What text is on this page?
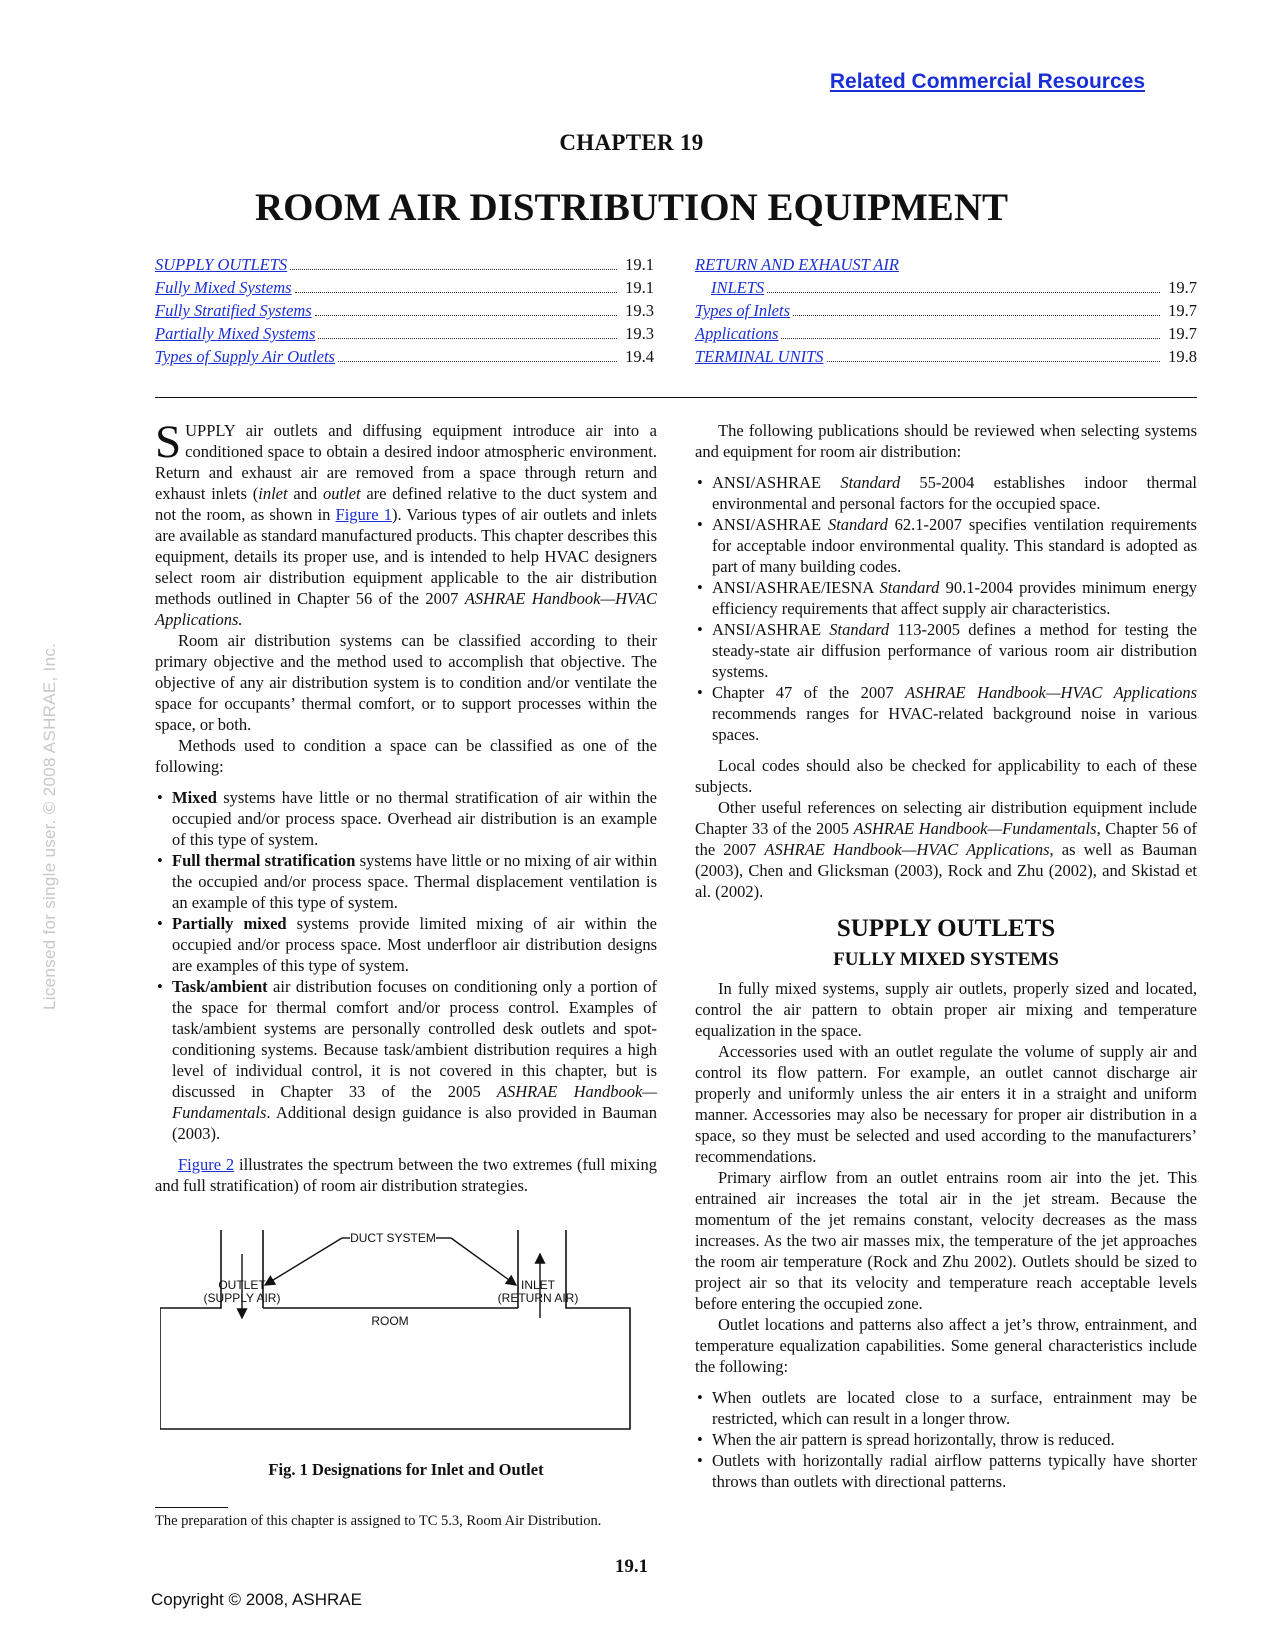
Related Commercial Resources
CHAPTER 19
ROOM AIR DISTRIBUTION EQUIPMENT
SUPPLY OUTLETS	19.1
Fully Mixed Systems	19.1
Fully Stratified Systems	19.3
Partially Mixed Systems	19.3
Types of Supply Air Outlets	19.4
RETURN AND EXHAUST AIR
INLETS	19.7
Types of Inlets	19.7
Applications	19.7
TERMINAL UNITS	19.8

SUPPLY air outlets and diffusing equipment introduce air into a conditioned space to obtain a desired indoor atmospheric environment. Return and exhaust air are removed from a space through return and exhaust inlets (inlet and outlet are defined relative to the duct system and not the room, as shown in Figure 1). Various types of air outlets and inlets are available as standard manufactured products. This chapter describes this equipment, details its proper use, and is intended to help HVAC designers select room air distribution equipment applicable to the air distribution methods outlined in Chapter 56 of the 2007 ASHRAE Handbook—HVAC Applications.

Room air distribution systems can be classified according to their primary objective and the method used to accomplish that objective. The objective of any air distribution system is to condition and/or ventilate the space for occupants’ thermal comfort, or to support processes within the space, or both.

Methods used to condition a space can be classified as one of the following:

• Mixed systems have little or no thermal stratification of air within the occupied and/or process space. Overhead air distribution is an example of this type of system.
• Full thermal stratification systems have little or no mixing of air within the occupied and/or process space. Thermal displacement ventilation is an example of this type of system.
• Partially mixed systems provide limited mixing of air within the occupied and/or process space. Most underfloor air distribution designs are examples of this type of system.
• Task/ambient air distribution focuses on conditioning only a portion of the space for thermal comfort and/or process control. Examples of task/ambient systems are personally controlled desk outlets and spot-conditioning systems. Because task/ambient distribution requires a high level of individual control, it is not covered in this chapter, but is discussed in Chapter 33 of the 2005 ASHRAE Handbook—Fundamentals. Additional design guidance is also provided in Bauman (2003).

Figure 2 illustrates the spectrum between the two extremes (full mixing and full stratification) of room air distribution strategies.

DUCT SYSTEM
OUTLET
(SUPPLY AIR)
INLET
(RETURN AIR)
ROOM
Fig. 1 Designations for Inlet and Outlet
The preparation of this chapter is assigned to TC 5.3, Room Air Distribution.

The following publications should be reviewed when selecting systems and equipment for room air distribution:

• ANSI/ASHRAE Standard 55-2004 establishes indoor thermal environmental and personal factors for the occupied space.
• ANSI/ASHRAE Standard 62.1-2007 specifies ventilation requirements for acceptable indoor environmental quality. This standard is adopted as part of many building codes.
• ANSI/ASHRAE/IESNA Standard 90.1-2004 provides minimum energy efficiency requirements that affect supply air characteristics.
• ANSI/ASHRAE Standard 113-2005 defines a method for testing the steady-state air diffusion performance of various room air distribution systems.
• Chapter 47 of the 2007 ASHRAE Handbook—HVAC Applications recommends ranges for HVAC-related background noise in various spaces.

Local codes should also be checked for applicability to each of these subjects.

Other useful references on selecting air distribution equipment include Chapter 33 of the 2005 ASHRAE Handbook—Fundamentals, Chapter 56 of the 2007 ASHRAE Handbook—HVAC Applications, as well as Bauman (2003), Chen and Glicksman (2003), Rock and Zhu (2002), and Skistad et al. (2002).

SUPPLY OUTLETS
FULLY MIXED SYSTEMS

In fully mixed systems, supply air outlets, properly sized and located, control the air pattern to obtain proper air mixing and temperature equalization in the space.

Accessories used with an outlet regulate the volume of supply air and control its flow pattern. For example, an outlet cannot discharge air properly and uniformly unless the air enters it in a straight and uniform manner. Accessories may also be necessary for proper air distribution in a space, so they must be selected and used according to the manufacturers’ recommendations.

Primary airflow from an outlet entrains room air into the jet. This entrained air increases the total air in the jet stream. Because the momentum of the jet remains constant, velocity decreases as the mass increases. As the two air masses mix, the temperature of the jet approaches the room air temperature (Rock and Zhu 2002). Outlets should be sized to project air so that its velocity and temperature reach acceptable levels before entering the occupied zone.

Outlet locations and patterns also affect a jet’s throw, entrainment, and temperature equalization capabilities. Some general characteristics include the following:

• When outlets are located close to a surface, entrainment may be restricted, which can result in a longer throw.
• When the air pattern is spread horizontally, throw is reduced.
• Outlets with horizontally radial airflow patterns typically have shorter throws than outlets with directional patterns.
19.1
Copyright © 2008, ASHRAE
Licensed for single user. © 2008 ASHRAE, Inc.
